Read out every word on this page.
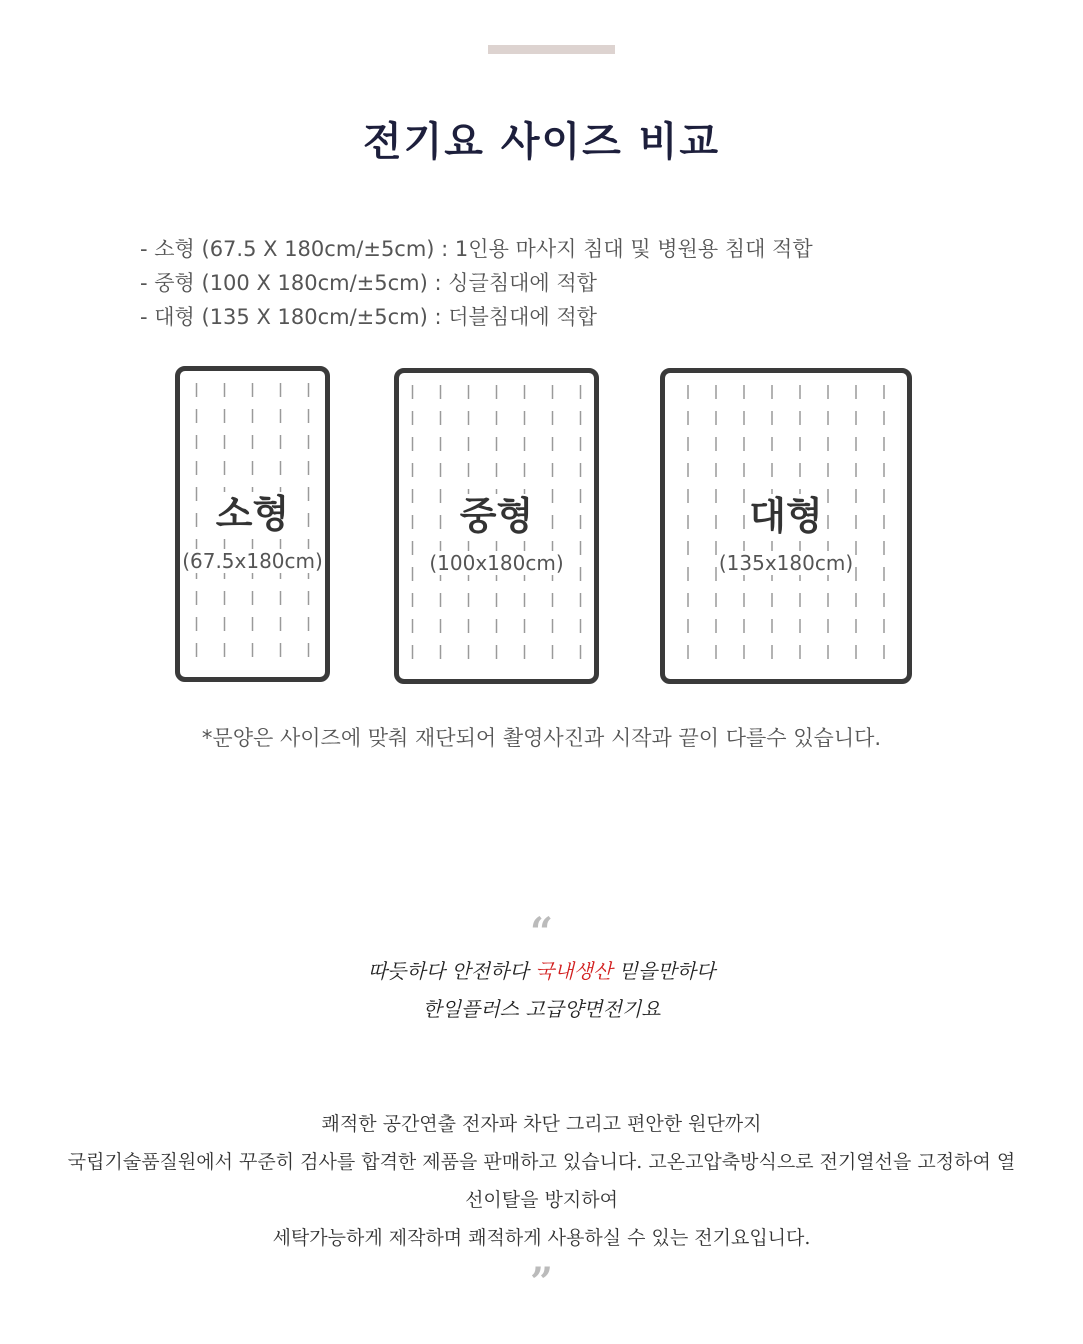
전기요 사이즈 비교
- 소형 (67.5 X 180cm/±5cm) : 1인용 마사지 침대 및 병원용 침대 적합
- 중형 (100 X 180cm/±5cm) : 싱글침대에 적합
- 대형 (135 X 180cm/±5cm) : 더블침대에 적합
소형
(67.5x180cm)
중형
(100x180cm)
대형
(135x180cm)
*문양은 사이즈에 맞춰 재단되어 촬영사진과 시작과 끝이 다를수 있습니다.
“
따듯하다 안전하다 국내생산 믿을만하다
한일플러스 고급양면전기요
쾌적한 공간연출 전자파 차단 그리고 편안한 원단까지
국립기술품질원에서 꾸준히 검사를 합격한 제품을 판매하고 있습니다. 고온고압축방식으로 전기열선을 고정하여 열선이탈을 방지하여
세탁가능하게 제작하며 쾌적하게 사용하실 수 있는 전기요입니다.
”
